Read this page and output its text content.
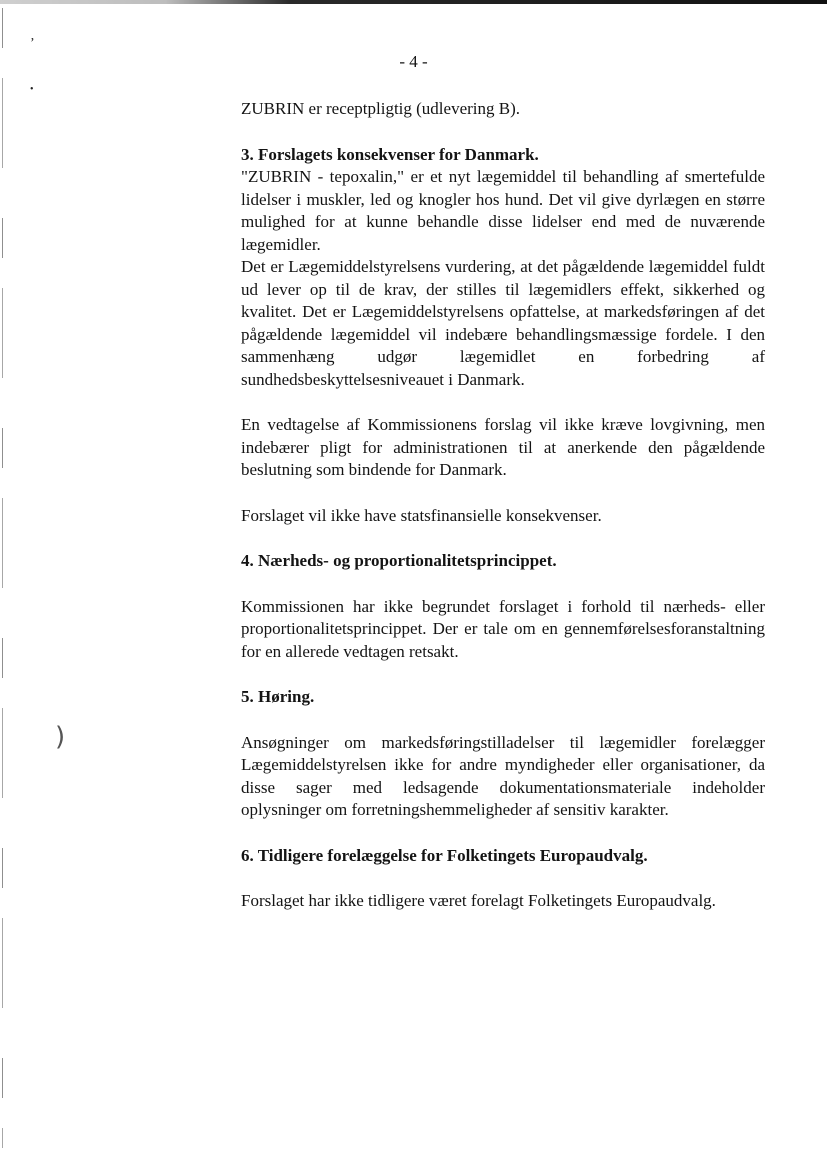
’
•
)
- 4 -

ZUBRIN er receptpligtig (udlevering B).

3. Forslagets konsekvenser for Danmark.

"ZUBRIN - tepoxalin," er et nyt lægemiddel til behandling af smertefulde lidelser i muskler, led og knogler hos hund. Det vil give dyrlægen en større mulighed for at kunne behandle disse lidelser end med de nuværende lægemidler.

Det er Lægemiddelstyrelsens vurdering, at det pågældende lægemiddel fuldt ud lever op til de krav, der stilles til lægemidlers effekt, sikkerhed og kvalitet. Det er Lægemiddelstyrelsens opfattelse, at markedsføringen af det pågældende lægemiddel vil indebære behandlingsmæssige fordele. I den sammenhæng udgør lægemidlet en forbedring af sundhedsbeskyttelsesniveauet i Danmark.

En vedtagelse af Kommissionens forslag vil ikke kræve lovgivning, men indebærer pligt for administrationen til at anerkende den pågældende beslutning som bindende for Danmark.

Forslaget vil ikke have statsfinansielle konsekvenser.

4. Nærheds- og proportionalitetsprincippet.

Kommissionen har ikke begrundet forslaget i forhold til nærheds- eller proportionalitetsprincippet. Der er tale om en gennemførelsesforanstaltning for en allerede vedtagen retsakt.

5. Høring.

Ansøgninger om markedsføringstilladelser til lægemidler forelægger Lægemiddelstyrelsen ikke for andre myndigheder eller organisationer, da disse sager med ledsagende dokumentationsmateriale indeholder oplysninger om forretningshemmeligheder af sensitiv karakter.

6. Tidligere forelæggelse for Folketingets Europaudvalg.

Forslaget har ikke tidligere været forelagt Folketingets Europaudvalg.
